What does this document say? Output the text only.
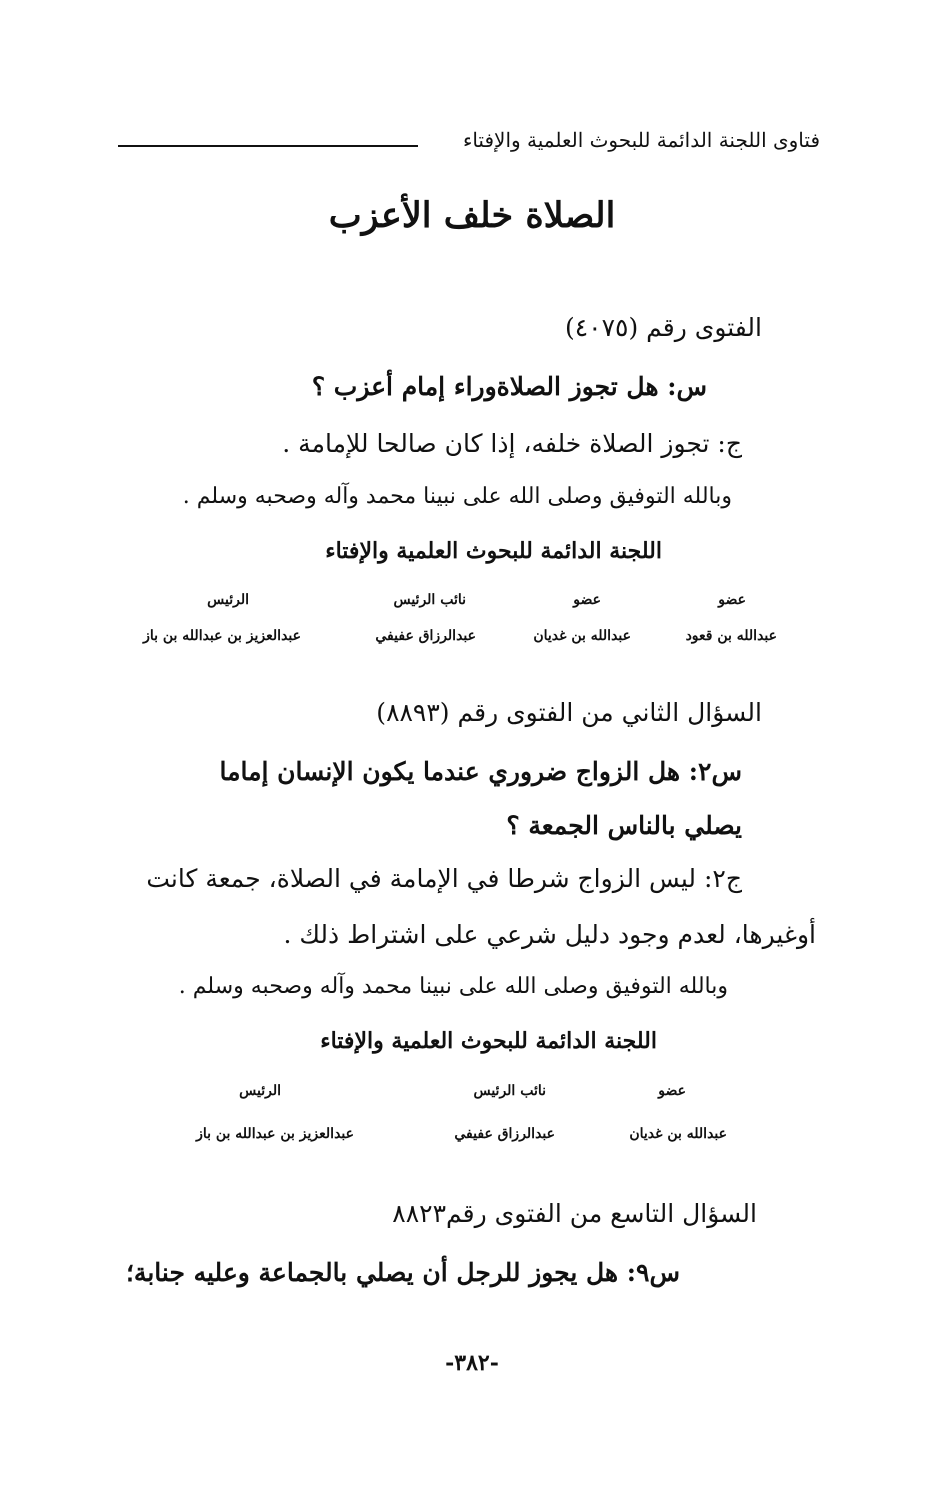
فتاوى اللجنة الدائمة للبحوث العلمية والإفتاء
الصلاة خلف الأعزب
الفتوى رقم (٤٠٧٥)
س: هل تجوز الصلاةوراء إمام أعزب ؟
ج: تجوز الصلاة خلفه، إذا كان صالحا للإمامة .
وبالله التوفيق وصلى الله على نبينا محمد وآله وصحبه وسلم .
اللجنة الدائمة للبحوث العلمية والإفتاء
عضو
عضو
نائب الرئيس
الرئيس
عبدالله بن قعود
عبدالله بن غديان
عبدالرزاق عفيفي
عبدالعزيز بن عبدالله بن باز
السؤال الثاني من الفتوى رقم (٨٨٩٣)
س٢: هل الزواج ضروري عندما يكون الإنسان إماما
يصلي بالناس الجمعة ؟
ج٢: ليس الزواج شرطا في الإمامة في الصلاة، جمعة كانت
أوغيرها، لعدم وجود دليل شرعي على اشتراط ذلك .
وبالله التوفيق وصلى الله على نبينا محمد وآله وصحبه وسلم .
اللجنة الدائمة للبحوث العلمية والإفتاء
عضو
نائب الرئيس
الرئيس
عبدالله بن غديان
عبدالرزاق عفيفي
عبدالعزيز بن عبدالله بن باز
السؤال التاسع من الفتوى رقم٨٨٢٣
س٩: هل يجوز للرجل أن يصلي بالجماعة وعليه جنابة؛
-٣٨٢-
